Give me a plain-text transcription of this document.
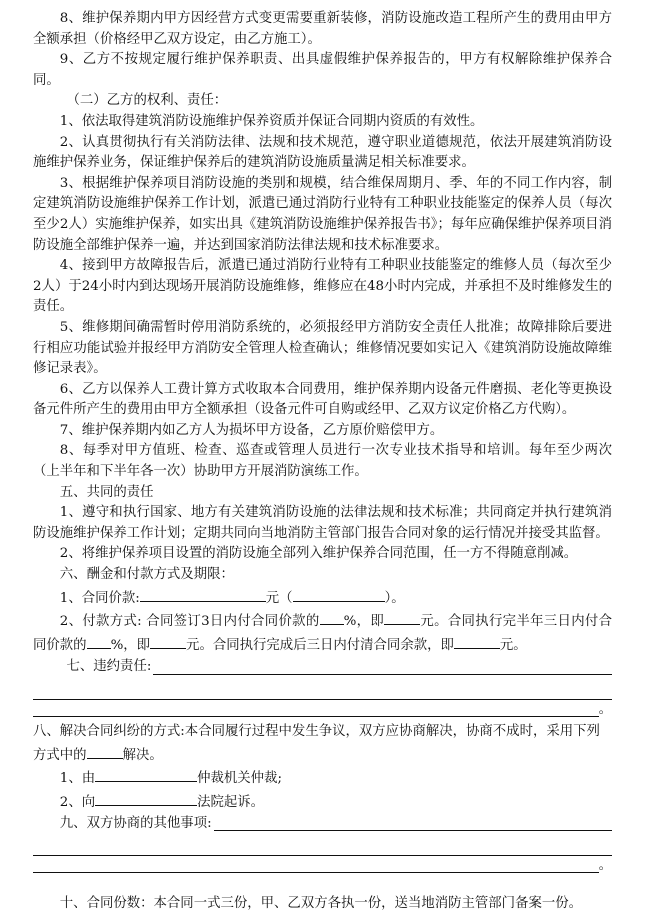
8、维护保养期内甲方因经营方式变更需要重新装修，消防设施改造工程所产生的费用由甲方全额承担（价格经甲乙双方设定，由乙方施工）。

9、乙方不按规定履行维护保养职责、出具虚假维护保养报告的，甲方有权解除维护保养合同。

（二）乙方的权利、责任：

1、依法取得建筑消防设施维护保养资质并保证合同期内资质的有效性。

2、认真贯彻执行有关消防法律、法规和技术规范，遵守职业道德规范，依法开展建筑消防设施维护保养业务，保证维护保养后的建筑消防设施质量满足相关标准要求。

3、根据维护保养项目消防设施的类别和规模，结合维保周期月、季、年的不同工作内容，制定建筑消防设施维护保养工作计划，派遣已通过消防行业特有工种职业技能鉴定的保养人员（每次至少2人）实施维护保养，如实出具《建筑消防设施维护保养报告书》；每年应确保维护保养项目消防设施全部维护保养一遍，并达到国家消防法律法规和技术标准要求。

4、接到甲方故障报告后，派遣已通过消防行业特有工种职业技能鉴定的维修人员（每次至少2人）于24小时内到达现场开展消防设施维修，维修应在48小时内完成，并承担不及时维修发生的责任。

5、维修期间确需暂时停用消防系统的，必须报经甲方消防安全责任人批准；故障排除后要进行相应功能试验并报经甲方消防安全管理人检查确认；维修情况要如实记入《建筑消防设施故障维修记录表》。

6、乙方以保养人工费计算方式收取本合同费用，维护保养期内设备元件磨损、老化等更换设备元件所产生的费用由甲方全额承担（设备元件可自购或经甲、乙双方议定价格乙方代购）。

7、维护保养期内如乙方人为损坏甲方设备，乙方原价赔偿甲方。

8、每季对甲方值班、检查、巡查或管理人员进行一次专业技术指导和培训。每年至少两次（上半年和下半年各一次）协助甲方开展消防演练工作。

五、共同的责任

1、遵守和执行国家、地方有关建筑消防设施的法律法规和技术标准；共同商定并执行建筑消防设施维护保养工作计划；定期共同向当地消防主管部门报告合同对象的运行情况并接受其监督。

2、将维护保养项目设置的消防设施全部列入维护保养合同范围，任一方不得随意削减。

六、酬金和付款方式及期限：

1、合同价款:	元（	）。

2、付款方式: 合同签订3日内付合同价款的 %，即	元。合同执行完半年三日内付合同价款的 %，即	元。合同执行完成后三日内付清合同余款，即	元。

七、违约责任:
。

八、解决合同纠纷的方式:本合同履行过程中发生争议，双方应协商解决，协商不成时，采用下列方式中的	解决。

1、由	仲裁机关仲裁;

2、向	法院起诉。

九、双方协商的其他事项:
。

十、合同份数：本合同一式三份，甲、乙双方各执一份，送当地消防主管部门备案一份。
